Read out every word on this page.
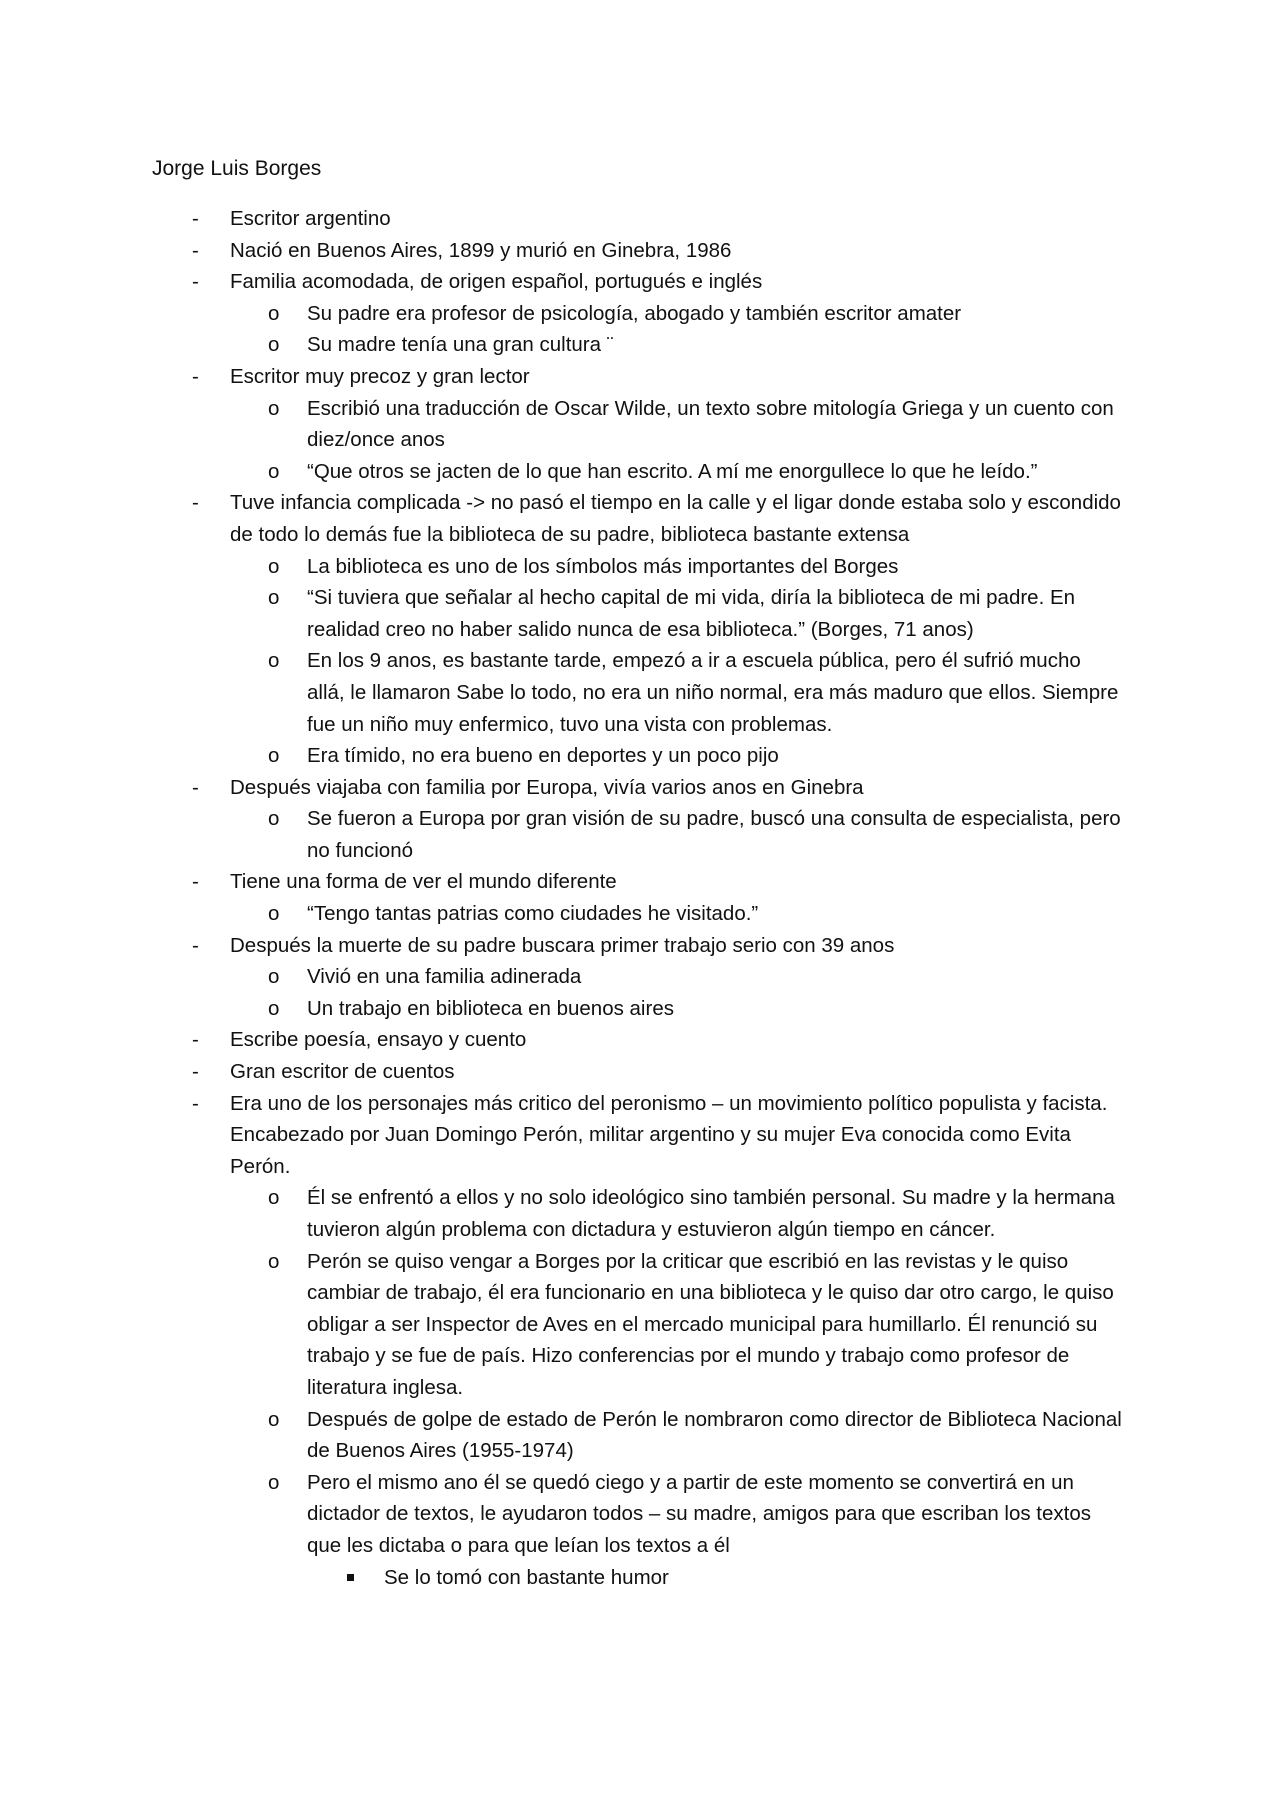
Jorge Luis Borges
- Escritor argentino
- Nació en Buenos Aires, 1899 y murió en Ginebra, 1986
- Familia acomodada, de origen español, portugués e inglés
o Su padre era profesor de psicología, abogado y también escritor amater
o Su madre tenía una gran cultura ¨
- Escritor muy precoz y gran lector
o Escribió una traducción de Oscar Wilde, un texto sobre mitología Griega y un cuento con diez/once anos
o “Que otros se jacten de lo que han escrito. A mí me enorgullece lo que he leído.”
- Tuve infancia complicada -> no pasó el tiempo en la calle y el ligar donde estaba solo y escondido de todo lo demás fue la biblioteca de su padre, biblioteca bastante extensa
o La biblioteca es uno de los símbolos más importantes del Borges
o “Si tuviera que señalar al hecho capital de mi vida, diría la biblioteca de mi padre. En realidad creo no haber salido nunca de esa biblioteca.” (Borges, 71 anos)
o En los 9 anos, es bastante tarde, empezó a ir a escuela pública, pero él sufrió mucho allá, le llamaron Sabe lo todo, no era un niño normal, era más maduro que ellos. Siempre fue un niño muy enfermico, tuvo una vista con problemas.
o Era tímido, no era bueno en deportes y un poco pijo
- Después viajaba con familia por Europa, vivía varios anos en Ginebra
o Se fueron a Europa por gran visión de su padre, buscó una consulta de especialista, pero no funcionó
- Tiene una forma de ver el mundo diferente
o “Tengo tantas patrias como ciudades he visitado.”
- Después la muerte de su padre buscara primer trabajo serio con 39 anos
o Vivió en una familia adinerada
o Un trabajo en biblioteca en buenos aires
- Escribe poesía, ensayo y cuento
- Gran escritor de cuentos
- Era uno de los personajes más critico del peronismo – un movimiento político populista y facista. Encabezado por Juan Domingo Perón, militar argentino y su mujer Eva conocida como Evita Perón.
o Él se enfrentó a ellos y no solo ideológico sino también personal. Su madre y la hermana tuvieron algún problema con dictadura y estuvieron algún tiempo en cáncer.
o Perón se quiso vengar a Borges por la criticar que escribió en las revistas y le quiso cambiar de trabajo, él era funcionario en una biblioteca y le quiso dar otro cargo, le quiso obligar a ser Inspector de Aves en el mercado municipal para humillarlo. Él renunció su trabajo y se fue de país. Hizo conferencias por el mundo y trabajo como profesor de literatura inglesa.
o Después de golpe de estado de Perón le nombraron como director de Biblioteca Nacional de Buenos Aires (1955-1974)
o Pero el mismo ano él se quedó ciego y a partir de este momento se convertirá en un dictador de textos, le ayudaron todos – su madre, amigos para que escriban los textos que les dictaba o para que leían los textos a él
Se lo tomó con bastante humor
